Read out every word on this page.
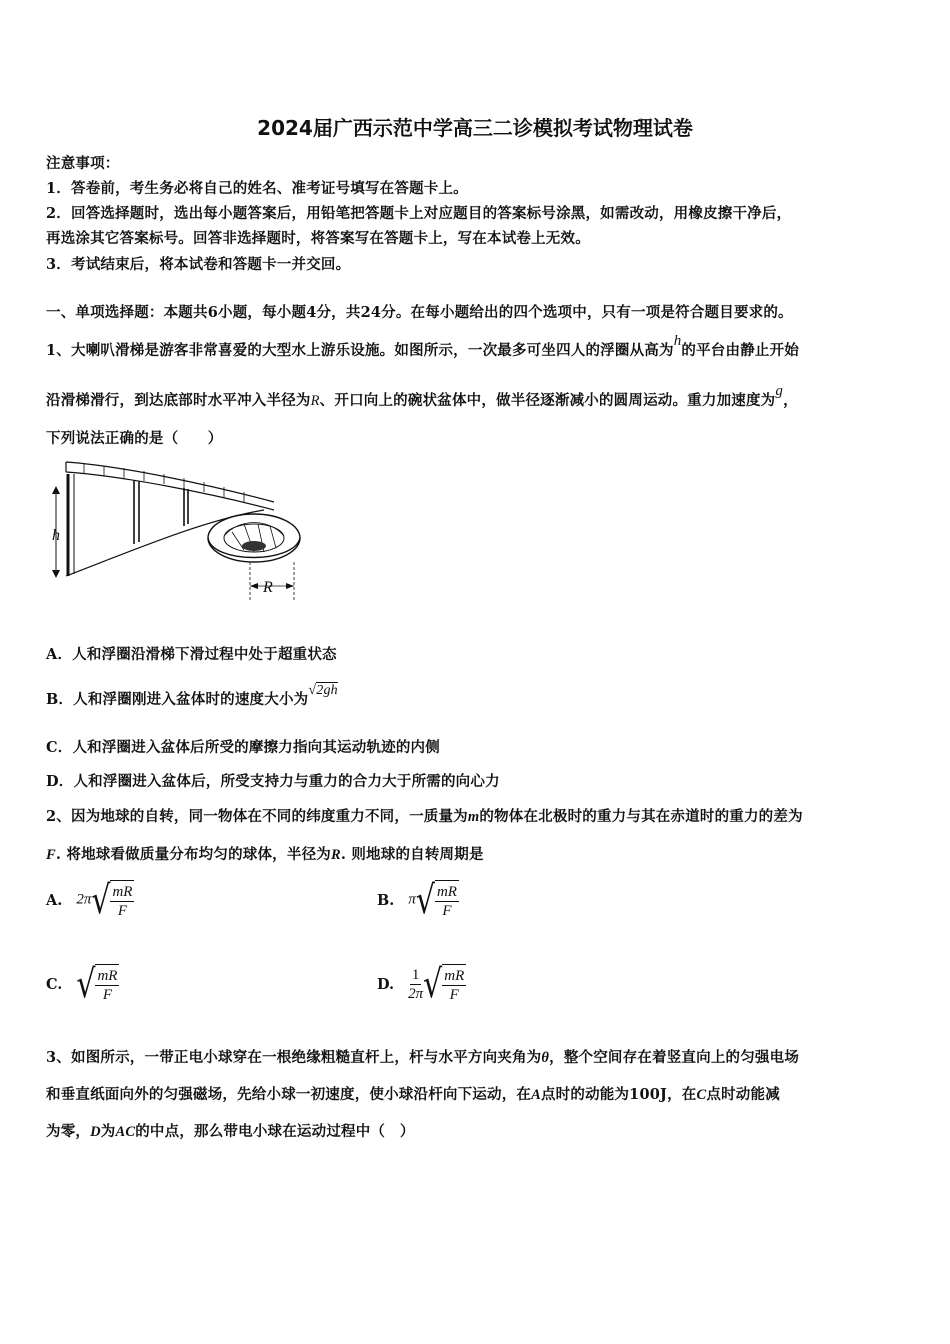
2024届广西示范中学高三二诊模拟考试物理试卷
注意事项：
1．答卷前，考生务必将自己的姓名、准考证号填写在答题卡上。
2．回答选择题时，选出每小题答案后，用铅笔把答题卡上对应题目的答案标号涂黑，如需改动，用橡皮擦干净后，
再选涂其它答案标号。回答非选择题时，将答案写在答题卡上，写在本试卷上无效。
3．考试结束后，将本试卷和答题卡一并交回。
一、单项选择题：本题共6小题，每小题4分，共24分。在每小题给出的四个选项中，只有一项是符合题目要求的。
1、大喇叭滑梯是游客非常喜爱的大型水上游乐设施。如图所示，一次最多可坐四人的浮圈从高为h的平台由静止开始
沿滑梯滑行，到达底部时水平冲入半径为R、开口向上的碗状盆体中，做半径逐渐减小的圆周运动。重力加速度为g，
下列说法正确的是（　　）
h
R
A．人和浮圈沿滑梯下滑过程中处于超重状态
B．人和浮圈刚进入盆体时的速度大小为√2gh
C．人和浮圈进入盆体后所受的摩擦力指向其运动轨迹的内侧
D．人和浮圈进入盆体后，所受支持力与重力的合力大于所需的向心力
2、因为地球的自转，同一物体在不同的纬度重力不同，一质量为m的物体在北极时的重力与其在赤道时的重力的差为
F. 将地球看做质量分布均匀的球体，半径为R. 则地球的自转周期是
A. 2π √ $\frac{mR}{F}$	B. π √ $\frac{mR}{F}$
C. √ $\frac{mR}{F}$	D. $\frac{1}{2\pi}$ √ $\frac{mR}{F}$
3、如图所示，一带正电小球穿在一根绝缘粗糙直杆上，杆与水平方向夹角为θ，整个空间存在着竖直向上的匀强电场
和垂直纸面向外的匀强磁场，先给小球一初速度，使小球沿杆向下运动，在A点时的动能为100J，在C点时动能减
为零，D为AC的中点，那么带电小球在运动过程中（　）
